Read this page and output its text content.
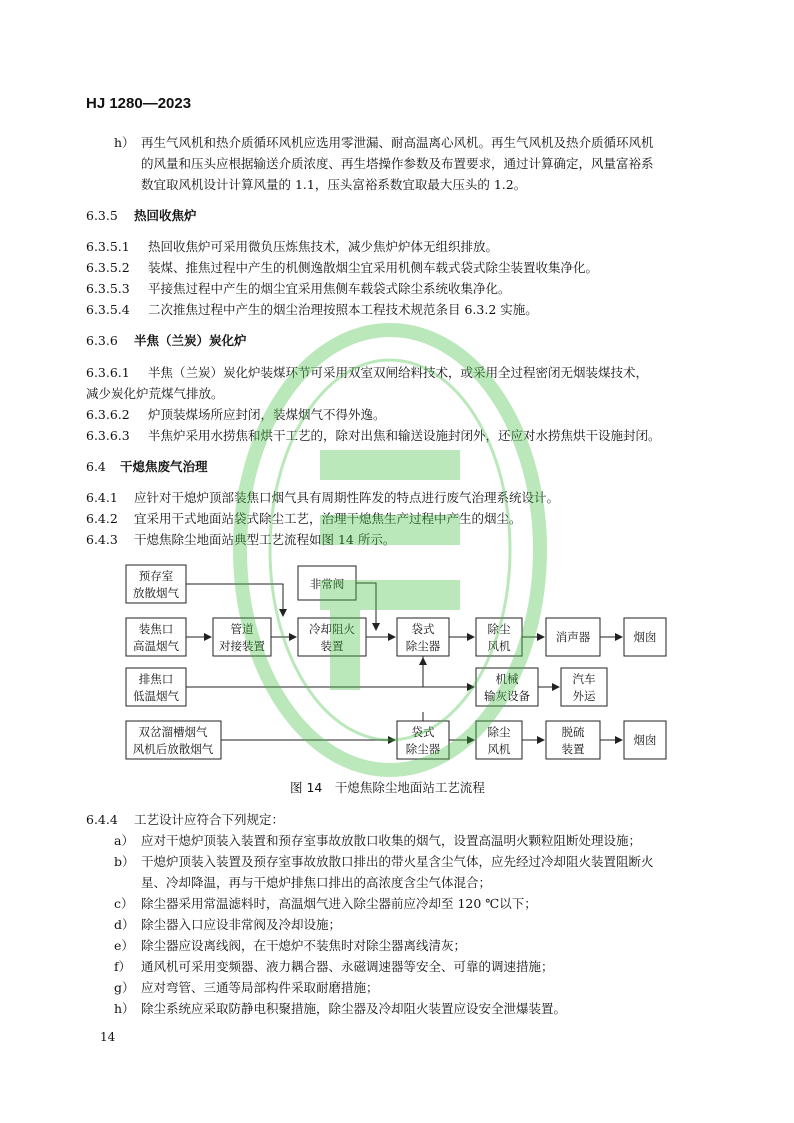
HJ 1280—2023
h） 再生气风机和热介质循环风机应选用零泄漏、耐高温离心风机。再生气风机及热介质循环风机
的风量和压头应根据输送介质浓度、再生塔操作参数及布置要求，通过计算确定，风量富裕系
数宜取风机设计计算风量的 1.1，压头富裕系数宜取最大压头的 1.2。
6.3.5 热回收焦炉
6.3.5.1 热回收焦炉可采用微负压炼焦技术，减少焦炉炉体无组织排放。
6.3.5.2 装煤、推焦过程中产生的机侧逸散烟尘宜采用机侧车载式袋式除尘装置收集净化。
6.3.5.3 平接焦过程中产生的烟尘宜采用焦侧车载袋式除尘系统收集净化。
6.3.5.4 二次推焦过程中产生的烟尘治理按照本工程技术规范条目 6.3.2 实施。
6.3.6 半焦（兰炭）炭化炉
6.3.6.1 半焦（兰炭）炭化炉装煤环节可采用双室双闸给料技术，或采用全过程密闭无烟装煤技术，
减少炭化炉荒煤气排放。
6.3.6.2 炉顶装煤场所应封闭，装煤烟气不得外逸。
6.3.6.3 半焦炉采用水捞焦和烘干工艺的，除对出焦和输送设施封闭外，还应对水捞焦烘干设施封闭。
6.4 干熄焦废气治理
6.4.1 应针对干熄炉顶部装焦口烟气具有周期性阵发的特点进行废气治理系统设计。
6.4.2 宜采用干式地面站袋式除尘工艺，治理干熄焦生产过程中产生的烟尘。
6.4.3 干熄焦除尘地面站典型工艺流程如图 14 所示。
预存室
放散烟气
装焦口
高温烟气
排焦口
低温烟气
双岔溜槽烟气
风机后放散烟气
管道
对接装置
冷却阻火
装置
非常阀
袋式
除尘器
除尘
风机
消声器	烟囱
机械
输灰设备
汽车
外运
袋式
除尘器
除尘
风机
脱硫
装置
烟囱
图 14　干熄焦除尘地面站工艺流程
6.4.4 工艺设计应符合下列规定：
a） 应对干熄炉顶装入装置和预存室事故放散口收集的烟气，设置高温明火颗粒阻断处理设施；
b） 干熄炉顶装入装置及预存室事故放散口排出的带火星含尘气体，应先经过冷却阻火装置阻断火
星、冷却降温，再与干熄炉排焦口排出的高浓度含尘气体混合；
c） 除尘器采用常温滤料时，高温烟气进入除尘器前应冷却至 120 ℃以下；
d） 除尘器入口应设非常阀及冷却设施；
e） 除尘器应设离线阀，在干熄炉不装焦时对除尘器离线清灰；
f） 通风机可采用变频器、液力耦合器、永磁调速器等安全、可靠的调速措施；
g） 应对弯管、三通等局部构件采取耐磨措施；
h） 除尘系统应采取防静电积聚措施，除尘器及冷却阻火装置应设安全泄爆装置。
14
